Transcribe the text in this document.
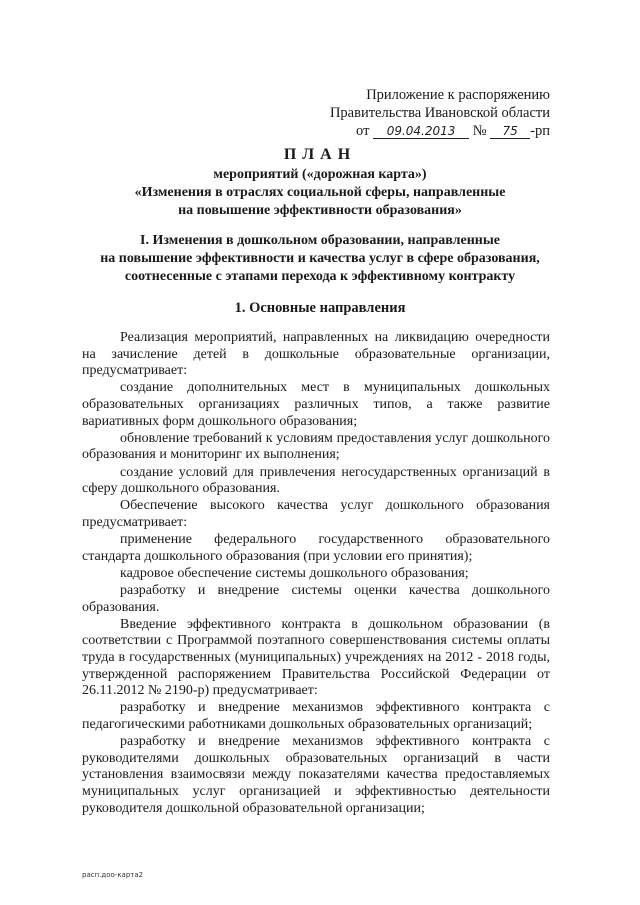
Приложение к распоряжению
Правительства Ивановской области
от 09.04.2013 № 75 -рп
ПЛАН
мероприятий («дорожная карта»)
«Изменения в отраслях социальной сферы, направленные
на повышение эффективности образования»
I. Изменения в дошкольном образовании, направленные
на повышение эффективности и качества услуг в сфере образования,
соотнесенные с этапами перехода к эффективному контракту
1. Основные направления

Реализация мероприятий, направленных на ликвидацию очередности на зачисление детей в дошкольные образовательные организации, предусматривает:

создание дополнительных мест в муниципальных дошкольных образовательных организациях различных типов, а также развитие вариативных форм дошкольного образования;

обновление требований к условиям предоставления услуг дошкольного образования и мониторинг их выполнения;

создание условий для привлечения негосударственных организаций в сферу дошкольного образования.

Обеспечение высокого качества услуг дошкольного образования предусматривает:

применение федерального государственного образовательного стандарта дошкольного образования (при условии его принятия);

кадровое обеспечение системы дошкольного образования;

разработку и внедрение системы оценки качества дошкольного образования.

Введение эффективного контракта в дошкольном образовании (в соответствии с Программой поэтапного совершенствования системы оплаты труда в государственных (муниципальных) учреждениях на 2012 - 2018 годы, утвержденной распоряжением Правительства Российской Федерации от 26.11.2012 № 2190-р) предусматривает:

разработку и внедрение механизмов эффективного контракта с педагогическими работниками дошкольных образовательных организаций;

разработку и внедрение механизмов эффективного контракта с руководителями дошкольных образовательных организаций в части установления взаимосвязи между показателями качества предоставляемых муниципальных услуг организацией и эффективностью деятельности руководителя дошкольной образовательной организации;

расп.доо-карта2
